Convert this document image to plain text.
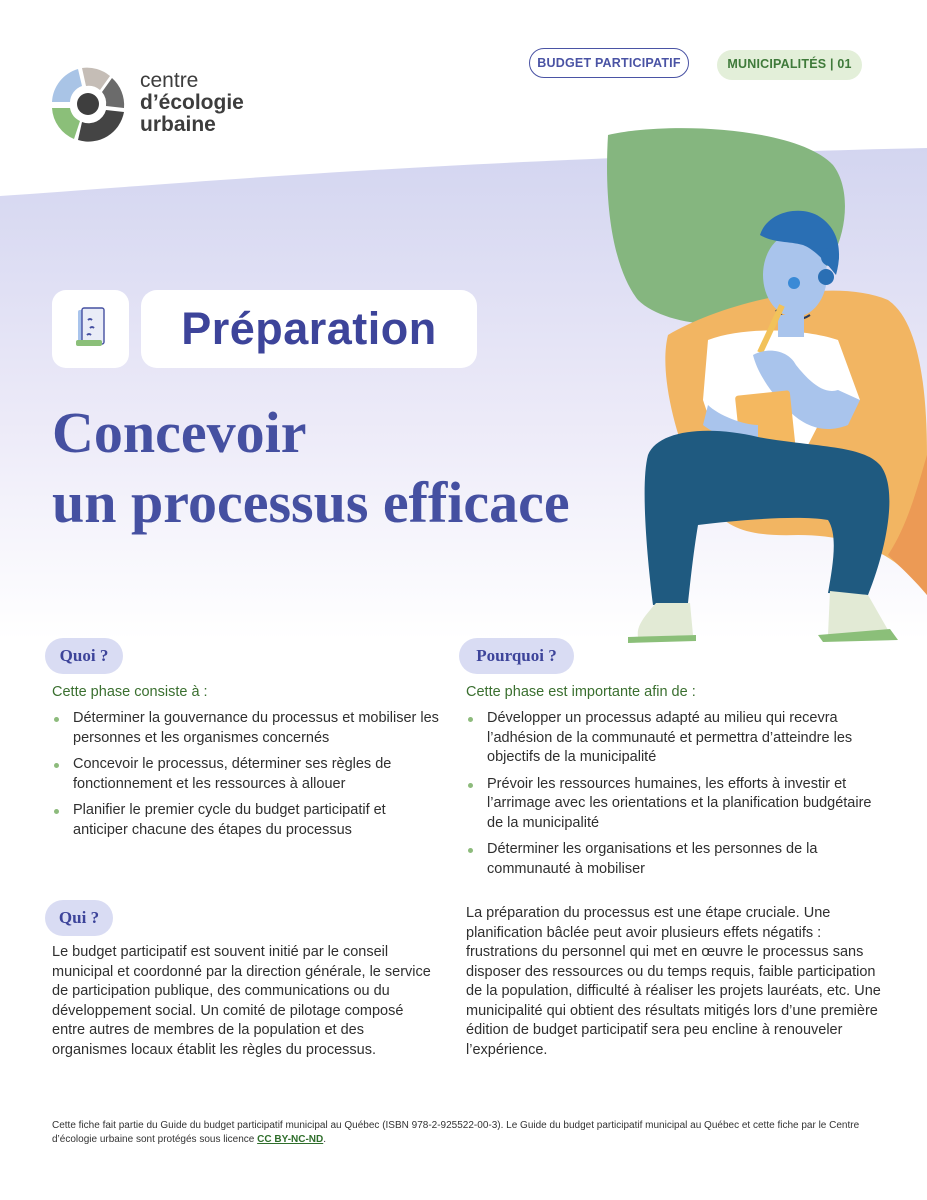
centre
d’écologie
urbaine
BUDGET PARTICIPATIF	MUNICIPALITÉS | 01
Préparation
Concevoir
un processus efficace
Quoi ?
Cette phase consiste à :
Déterminer la gouvernance du processus et mobiliser les personnes et les organismes concernés
Concevoir le processus, déterminer ses règles de fonctionnement et les ressources à allouer
Planifier le premier cycle du budget participatif et anticiper chacune des étapes du processus
Pourquoi ?
Cette phase est importante afin de :
Développer un processus adapté au milieu qui recevra l’adhésion de la communauté et permettra d’atteindre les objectifs de la municipalité
Prévoir les ressources humaines, les efforts à investir et l’arrimage avec les orientations et la planification budgétaire de la municipalité
Déterminer les organisations et les personnes de la communauté à mobiliser
La préparation du processus est une étape cruciale. Une planification bâclée peut avoir plusieurs effets négatifs : frustrations du personnel qui met en œuvre le processus sans disposer des ressources ou du temps requis, faible participation de la population, difficulté à réaliser les projets lauréats, etc. Une municipalité qui obtient des résultats mitigés lors d’une première édition de budget participatif sera peu encline à renouveler l’expérience.
Qui ?
Le budget participatif est souvent initié par le conseil municipal et coordonné par la direction générale, le service de participation publique, des communications ou du développement social. Un comité de pilotage composé entre autres de membres de la population et des organismes locaux établit les règles du processus.
Cette fiche fait partie du Guide du budget participatif municipal au Québec (ISBN 978-2-925522-00-3). Le Guide du budget participatif municipal au Québec et cette fiche par le Centre d’écologie urbaine sont protégés sous licence CC BY-NC-ND.
